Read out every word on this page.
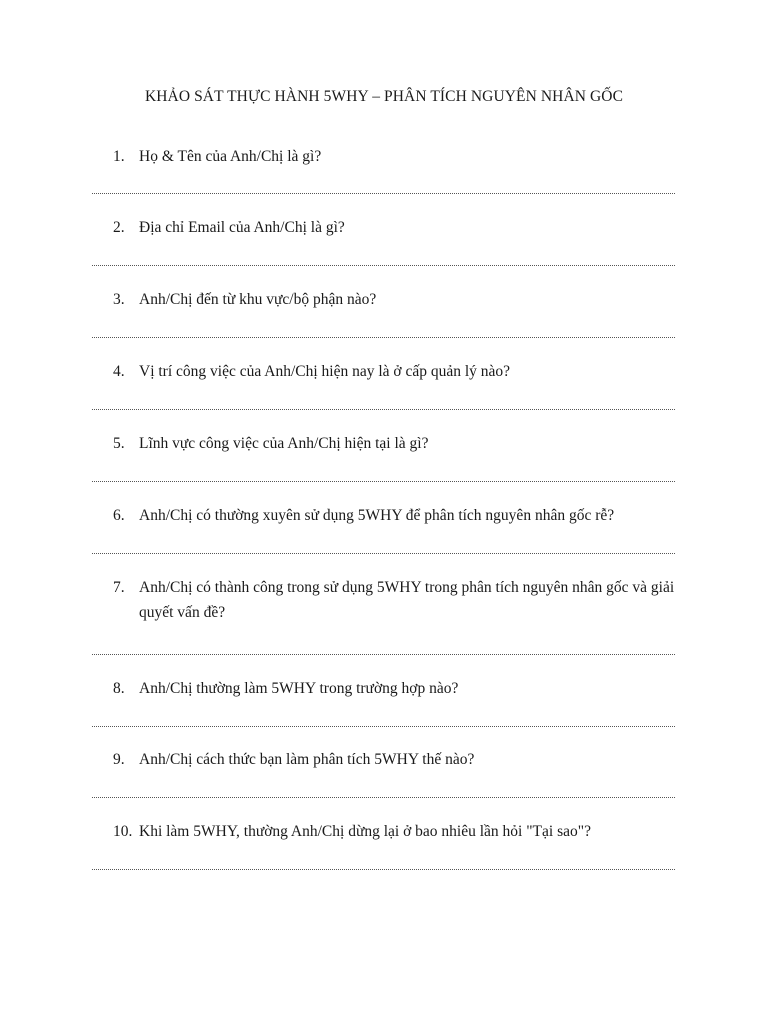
KHẢO SÁT THỰC HÀNH 5WHY – PHÂN TÍCH NGUYÊN NHÂN GỐC
1. Họ & Tên của Anh/Chị là gì?
2. Địa chỉ Email của Anh/Chị là gì?
3. Anh/Chị đến từ khu vực/bộ phận nào?
4. Vị trí công việc của Anh/Chị hiện nay là ở cấp quản lý nào?
5. Lĩnh vực công việc của Anh/Chị hiện tại là gì?
6. Anh/Chị có thường xuyên sử dụng 5WHY để phân tích nguyên nhân gốc rễ?
7. Anh/Chị có thành công trong sử dụng 5WHY trong phân tích nguyên nhân gốc và giải quyết vấn đề?
8. Anh/Chị thường làm 5WHY trong trường hợp nào?
9. Anh/Chị cách thức bạn làm phân tích 5WHY thế nào?
10. Khi làm 5WHY, thường Anh/Chị dừng lại ở bao nhiêu lần hỏi "Tại sao"?
